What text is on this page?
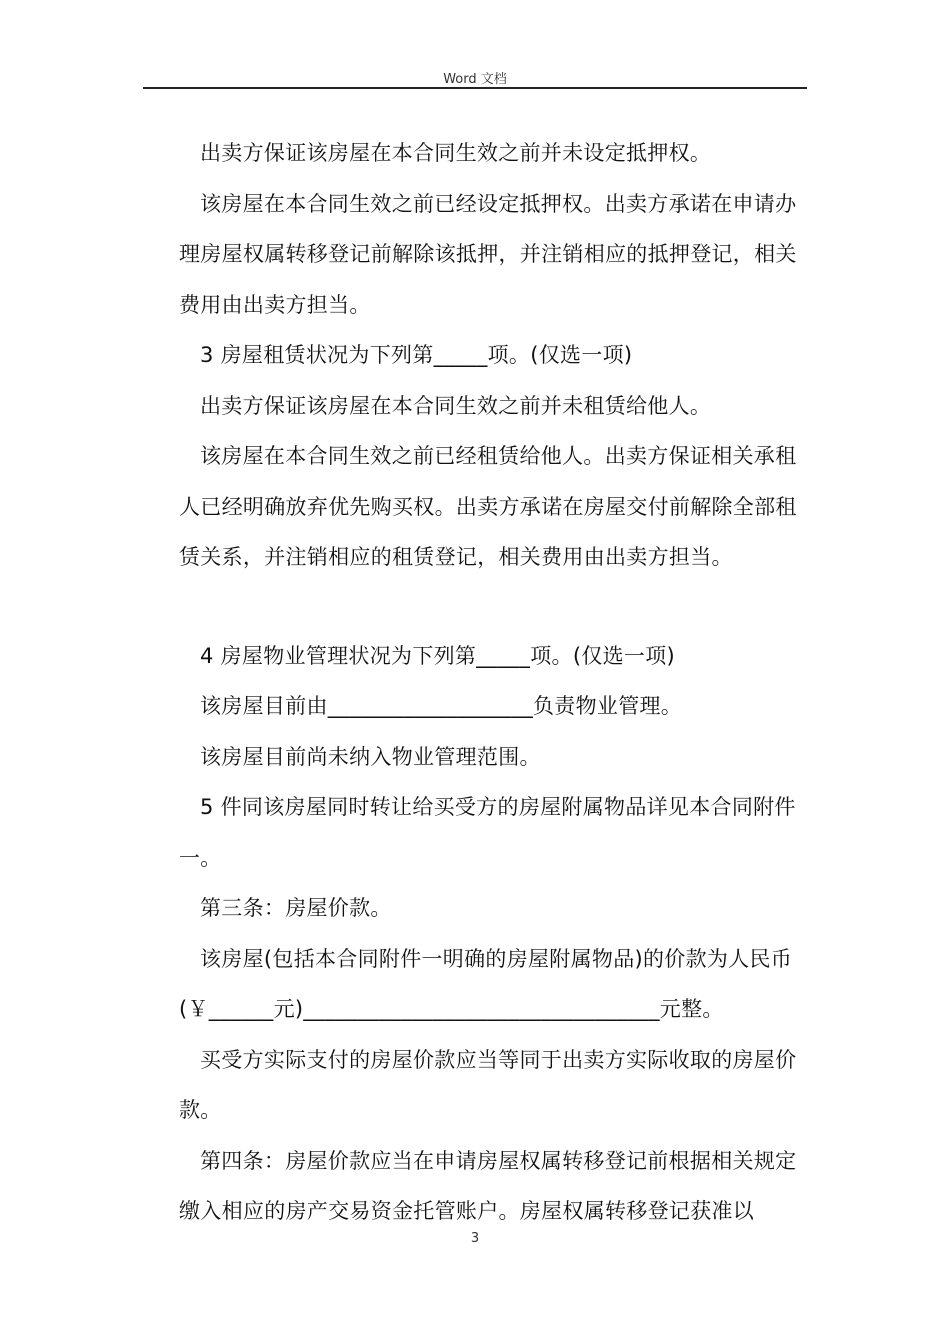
Word 文档

出卖方保证该房屋在本合同生效之前并未设定抵押权。

该房屋在本合同生效之前已经设定抵押权。出卖方承诺在申请办理房屋权属转移登记前解除该抵押，并注销相应的抵押登记，相关费用由出卖方担当。

3 房屋租赁状况为下列第_____项。(仅选一项)

出卖方保证该房屋在本合同生效之前并未租赁给他人。

该房屋在本合同生效之前已经租赁给他人。出卖方保证相关承租人已经明确放弃优先购买权。出卖方承诺在房屋交付前解除全部租赁关系，并注销相应的租赁登记，相关费用由出卖方担当。

4 房屋物业管理状况为下列第_____项。(仅选一项)

该房屋目前由___________________负责物业管理。

该房屋目前尚未纳入物业管理范围。

5 件同该房屋同时转让给买受方的房屋附属物品详见本合同附件一。

第三条：房屋价款。

该房屋(包括本合同附件一明确的房屋附属物品)的价款为人民币(￥______元)_________________________________元整。

买受方实际支付的房屋价款应当等同于出卖方实际收取的房屋价款。

第四条：房屋价款应当在申请房屋权属转移登记前根据相关规定缴入相应的房产交易资金托管账户。房屋权属转移登记获准以

3
